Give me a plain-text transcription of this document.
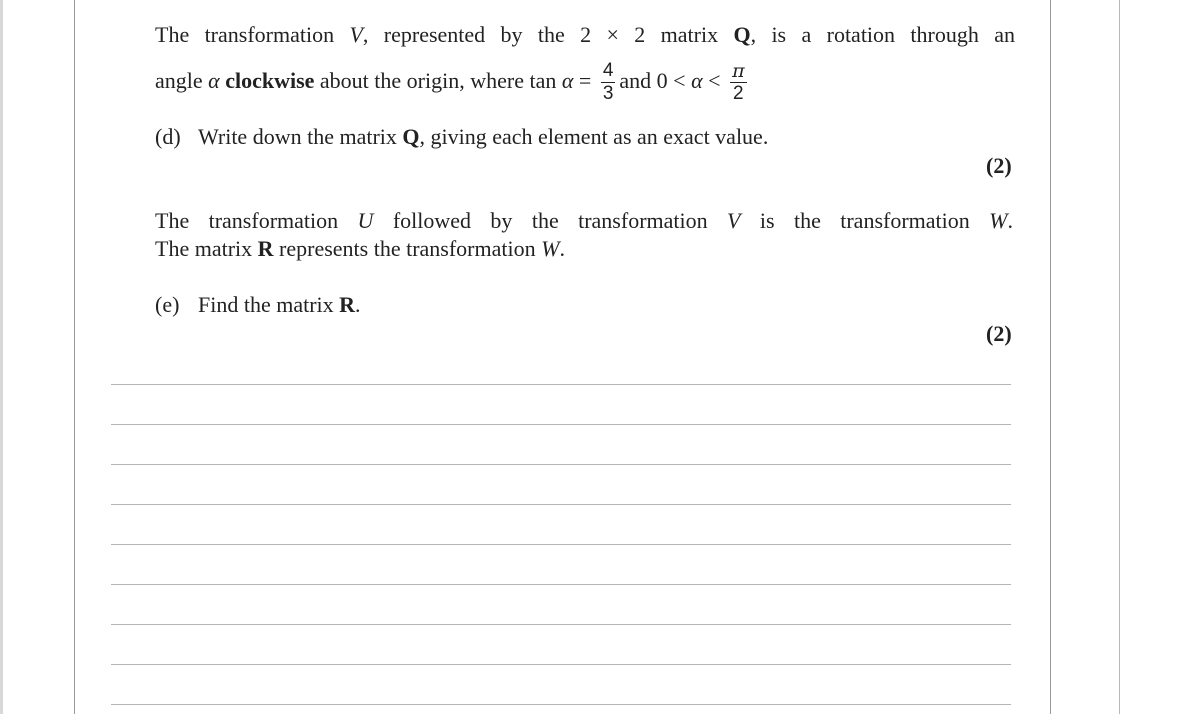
The transformation V, represented by the 2 × 2 matrix Q, is a rotation through an
angle α clockwise about the origin, where $\tan \alpha = \frac{4}{3}$ and $0 < \alpha < \frac{\pi}{2}$
(d) Write down the matrix Q, giving each element as an exact value.
(2)
The transformation U followed by the transformation V is the transformation W.
The matrix R represents the transformation W.
(e) Find the matrix R.
(2)
